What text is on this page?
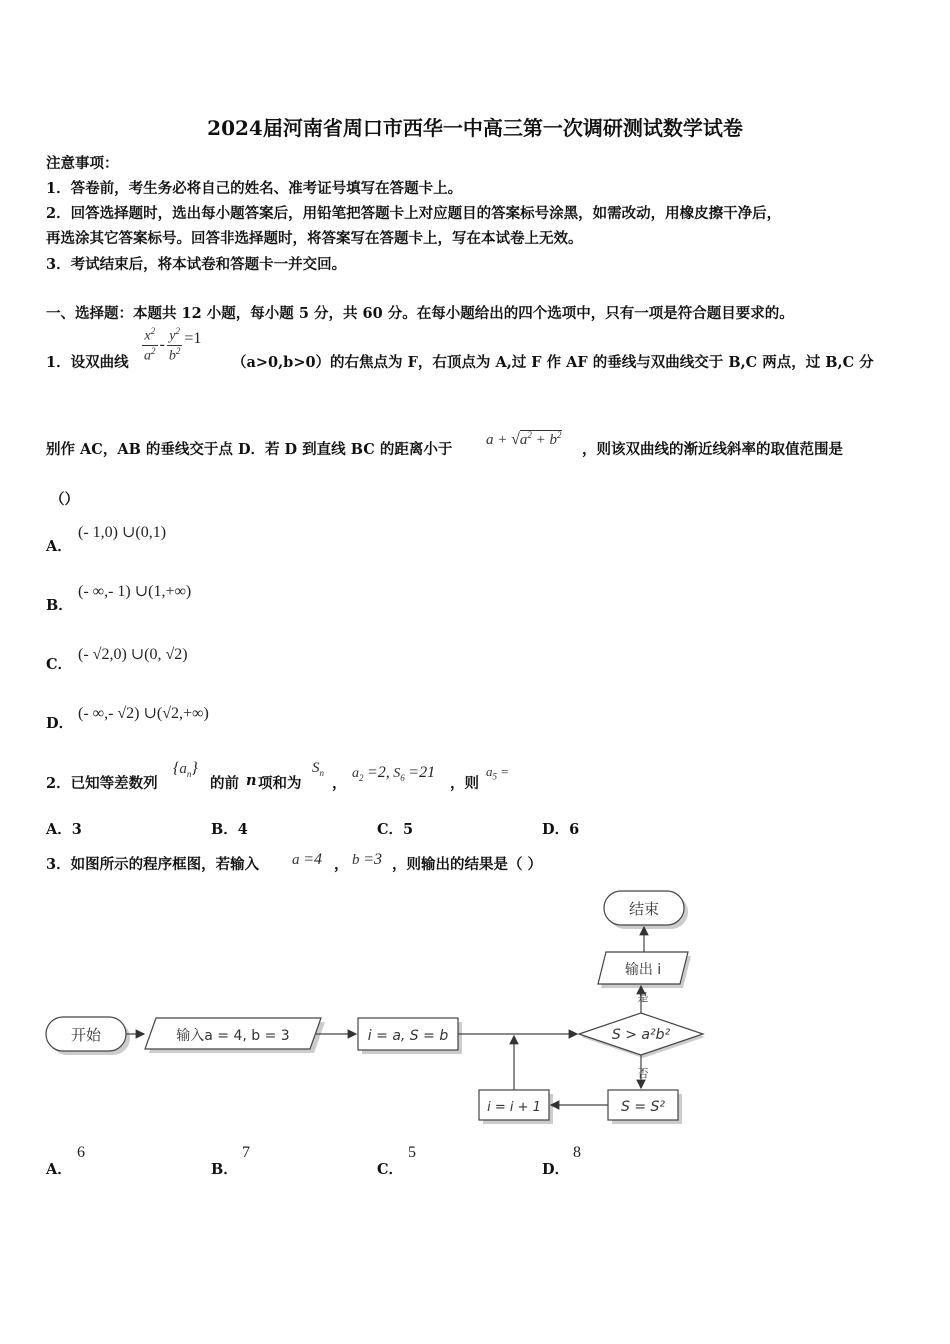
2024届河南省周口市西华一中高三第一次调研测试数学试卷
注意事项：
1．答卷前，考生务必将自己的姓名、准考证号填写在答题卡上。
2．回答选择题时，选出每小题答案后，用铅笔把答题卡上对应题目的答案标号涂黑，如需改动，用橡皮擦干净后，
再选涂其它答案标号。回答非选择题时，将答案写在答题卡上，写在本试卷上无效。
3．考试结束后，将本试卷和答题卡一并交回。
一、选择题：本题共 12 小题，每小题 5 分，共 60 分。在每小题给出的四个选项中，只有一项是符合题目要求的。
1．设双曲线 $\frac{x^2}{a^2} - \frac{y^2}{b^2} =1$
（a>0,b>0）的右焦点为 F，右顶点为 A,过 F 作 AF 的垂线与双曲线交于 B,C 两点，过 B,C 分
别作 AC，AB 的垂线交于点 D．若 D 到直线 BC 的距离小于
$a + √a^2 + b^2$
，则该双曲线的渐近线斜率的取值范围是
（）
A．
(- 1,0) ∪(0,1)
B．
(- ∞,- 1) ∪(1,+∞)
C．
(- √2,0) ∪(0, √2)
D．
(- ∞,- √2) ∪(√2,+∞)
2．已知等差数列
$\{a_n\}$
的前 n 项和为
$S_n$
，
$a_2 =2$, $S_6 =21$
，则
$a_5$ =
A．3	B．4	C．5	D．6
3．如图所示的程序框图，若输入 a =4 ， b =3 ，则输出的结果是（ ）
开始	输入a = 4, b = 3	i = a, S = b	S > a²b²
输出 i
结束
S = S²
i = i + 1
是
否
A．
6
B．
7
C．
5
D．
8
